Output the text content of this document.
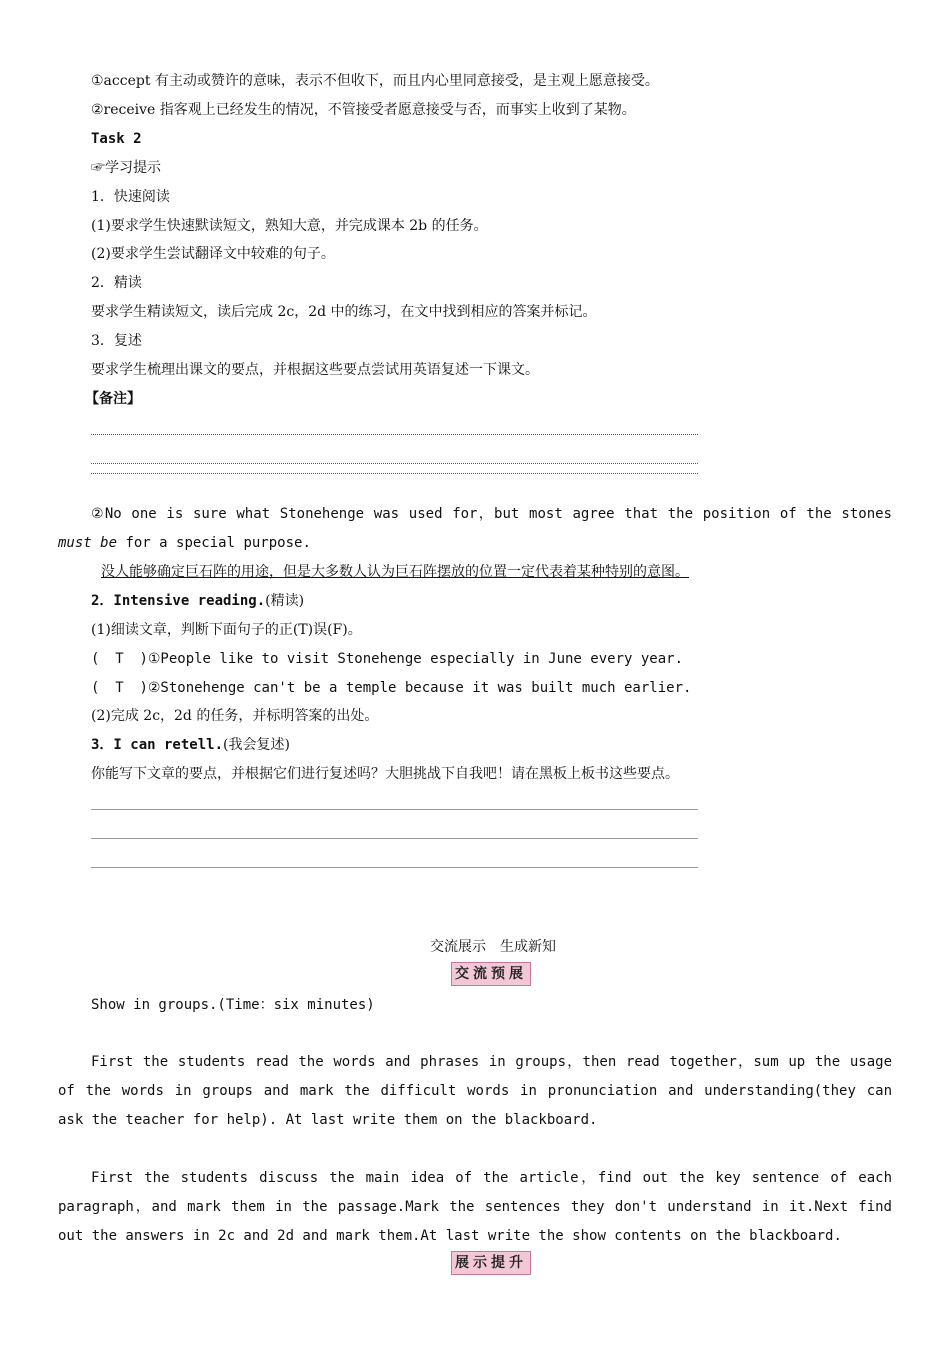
①accept 有主动或赞许的意味，表示不但收下，而且内心里同意接受，是主观上愿意接受。
②receive 指客观上已经发生的情况，不管接受者愿意接受与否，而事实上收到了某物。
Task 2
☞学习提示
1．快速阅读
(1)要求学生快速默读短文，熟知大意，并完成课本 2b 的任务。
(2)要求学生尝试翻译文中较难的句子。
2．精读
要求学生精读短文，读后完成 2c，2d 中的练习，在文中找到相应的答案并标记。
3．复述
要求学生梳理出课文的要点，并根据这些要点尝试用英语复述一下课文。
【备注】
②No one is sure what Stonehenge was used for，but most agree that the position of the stones must be for a special purpose.
没人能够确定巨石阵的用途，但是大多数人认为巨石阵摆放的位置一定代表着某种特别的意图。
2．Intensive reading.(精读)
(1)细读文章，判断下面句子的正(T)误(F)。
( T )①People like to visit Stonehenge especially in June every year.
( T )②Stonehenge can't be a temple because it was built much earlier.
(2)完成 2c，2d 的任务，并标明答案的出处。
3．I can retell.(我会复述)
你能写下文章的要点，并根据它们进行复述吗？大胆挑战下自我吧！请在黑板上板书这些要点。
交流展示　生成新知
交流预展
Show in groups.(Time：six minutes)
First the students read the words and phrases in groups，then read together，sum up the usage of the words in groups and mark the difficult words in pronunciation and understanding(they can ask the teacher for help). At last write them on the blackboard.
First the students discuss the main idea of the article，find out the key sentence of each paragraph，and mark them in the passage.Mark the sentences they don't understand in it.Next find out the answers in 2c and 2d and mark them.At last write the show contents on the blackboard.
展示提升
